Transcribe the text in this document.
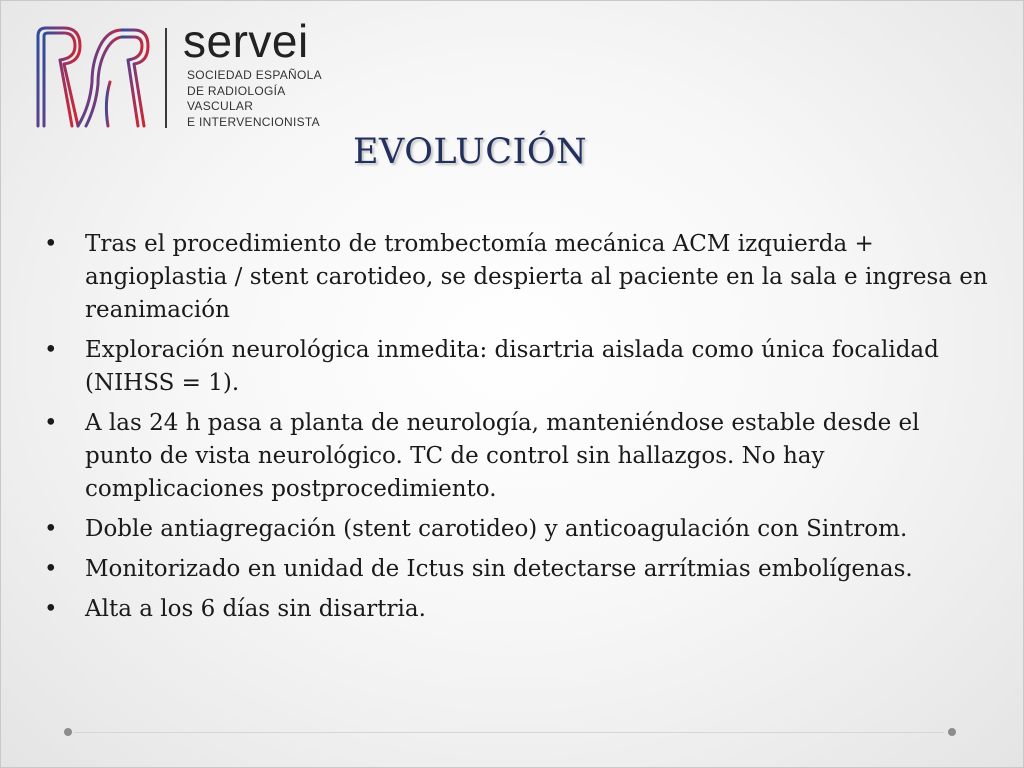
servei
SOCIEDAD ESPAÑOLA
DE RADIOLOGÍA
VASCULAR
E INTERVENCIONISTA
EVOLUCIÓN
• Tras el procedimiento de trombectomía mecánica ACM izquierda + angioplastia / stent carotideo, se despierta al paciente en la sala e ingresa en reanimación
• Exploración neurológica inmedita: disartria aislada como única focalidad (NIHSS = 1).
• A las 24 h pasa a planta de neurología, manteniéndose estable desde el punto de vista neurológico. TC de control sin hallazgos. No hay complicaciones postprocedimiento.
• Doble antiagregación (stent carotideo) y anticoagulación con Sintrom.
• Monitorizado en unidad de Ictus sin detectarse arrítmias embolígenas.
• Alta a los 6 días sin disartria.
